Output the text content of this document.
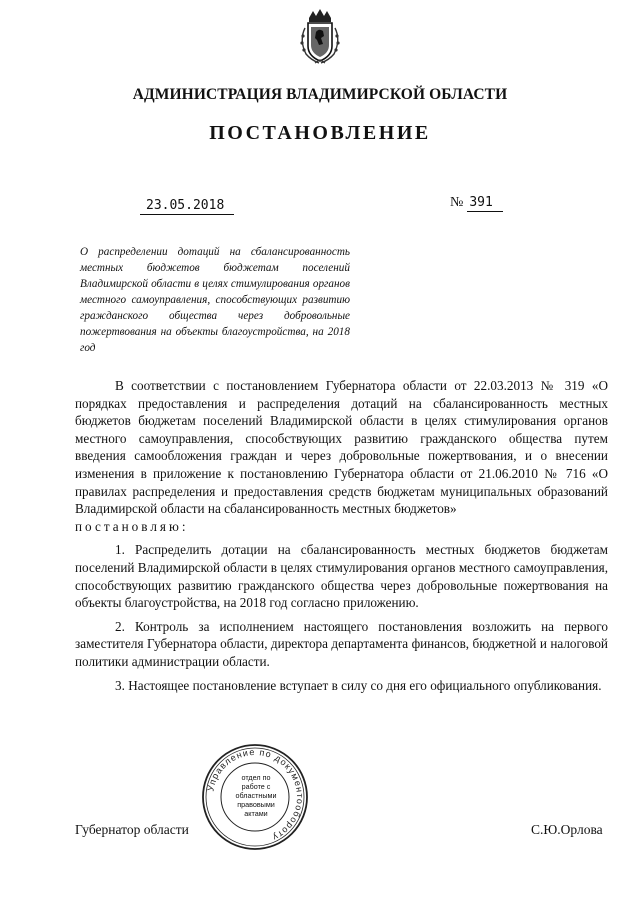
АДМИНИСТРАЦИЯ ВЛАДИМИРСКОЙ ОБЛАСТИ
ПОСТАНОВЛЕНИЕ
23.05.2018	№ 391
О распределении дотаций на сбалансированность местных бюджетов бюджетам поселений Владимирской области в целях стимулирования органов местного самоуправления, способствующих развитию гражданского общества через добровольные пожертвования на объекты благоустройства, на 2018 год

В соответствии с постановлением Губернатора области от 22.03.2013 № 319 «О порядках предоставления и распределения дотаций на сбалансированность местных бюджетов бюджетам поселений Владимирской области в целях стимулирования органов местного самоуправления, способствующих развитию гражданского общества путем введения самообложения граждан и через добровольные пожертвования, и о внесении изменения в приложение к постановлению Губернатора области от 21.06.2010 № 716 «О правилах распределения и предоставления средств бюджетам муниципальных образований Владимирской области на сбалансированность местных бюджетов»

постановляю:

1. Распределить дотации на сбалансированность местных бюджетов бюджетам поселений Владимирской области в целях стимулирования органов местного самоуправления, способствующих развитию гражданского общества через добровольные пожертвования на объекты благоустройства, на 2018 год согласно приложению.

2. Контроль за исполнением настоящего постановления возложить на первого заместителя Губернатора области, директора департамента финансов, бюджетной и налоговой политики администрации области.

3. Настоящее постановление вступает в силу со дня его официального опубликования.

Управление по документообороту
отдел по работе с областными правовыми актами
Губернатор области	С.Ю.Орлова
